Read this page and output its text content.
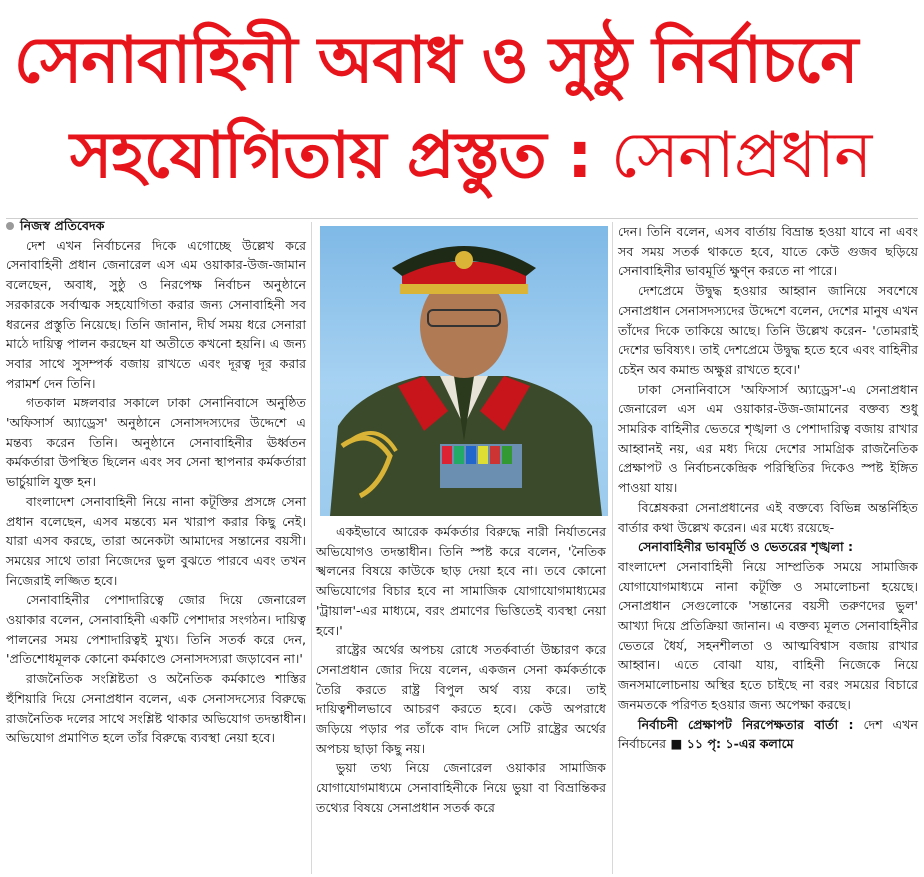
সেনাবাহিনী অবাধ ও সুষ্ঠু নির্বাচনে
সহযোগিতায় প্রস্তুত : সেনাপ্রধান

নিজস্ব প্রতিবেদক

দেশ এখন নির্বাচনের দিকে এগোচ্ছে উল্লেখ করে সেনাবাহিনী প্রধান জেনারেল এস এম ওয়াকার-উজ-জামান বলেছেন, অবাধ, সুষ্ঠু ও নিরপেক্ষ নির্বাচন অনুষ্ঠানে সরকারকে সর্বাত্মক সহযোগিতা করার জন্য সেনাবাহিনী সব ধরনের প্রস্তুতি নিয়েছে। তিনি জানান, দীর্ঘ সময় ধরে সেনারা মাঠে দায়িত্ব পালন করছেন যা অতীতে কখনো হয়নি। এ জন্য সবার সাথে সুসম্পর্ক বজায় রাখতে এবং দূরত্ব দূর করার পরামর্শ দেন তিনি।

গতকাল মঙ্গলবার সকালে ঢাকা সেনানিবাসে অনুষ্ঠিত 'অফিসার্স অ্যাড্রেস' অনুষ্ঠানে সেনাসদস্যদের উদ্দেশে এ মন্তব্য করেন তিনি। অনুষ্ঠানে সেনাবাহিনীর ঊর্ধ্বতন কর্মকর্তারা উপস্থিত ছিলেন এবং সব সেনা স্থাপনার কর্মকর্তারা ভার্চুয়ালি যুক্ত হন।

বাংলাদেশ সেনাবাহিনী নিয়ে নানা কটূক্তির প্রসঙ্গে সেনা প্রধান বলেছেন, এসব মন্তব্যে মন খারাপ করার কিছু নেই। যারা এসব করছে, তারা অনেকটা আমাদের সন্তানের বয়সী। সময়ের সাথে তারা নিজেদের ভুল বুঝতে পারবে এবং তখন নিজেরাই লজ্জিত হবে।

সেনাবাহিনীর পেশাদারিত্বে জোর দিয়ে জেনারেল ওয়াকার বলেন, সেনাবাহিনী একটি পেশাদার সংগঠন। দায়িত্ব পালনের সময় পেশাদারিত্বই মুখ্য। তিনি সতর্ক করে দেন, 'প্রতিশোধমূলক কোনো কর্মকাণ্ডে সেনাসদস্যরা জড়াবেন না।'

রাজনৈতিক সংশ্লিষ্টতা ও অনৈতিক কর্মকাণ্ডে শাস্তির হুঁশিয়ারি দিয়ে সেনাপ্রধান বলেন, এক সেনাসদস্যের বিরুদ্ধে রাজনৈতিক দলের সাথে সংশ্লিষ্ট থাকার অভিযোগ তদন্তাধীন। অভিযোগ প্রমাণিত হলে তাঁর বিরুদ্ধে ব্যবস্থা নেয়া হবে।

একইভাবে আরেক কর্মকর্তার বিরুদ্ধে নারী নির্যাতনের অভিযোগও তদন্তাধীন। তিনি স্পষ্ট করে বলেন, 'নৈতিক স্খলনের বিষয়ে কাউকে ছাড় দেয়া হবে না। তবে কোনো অভিযোগের বিচার হবে না সামাজিক যোগাযোগমাধ্যমের 'ট্রায়াল'-এর মাধ্যমে, বরং প্রমাণের ভিত্তিতেই ব্যবস্থা নেয়া হবে।'

রাষ্ট্রের অর্থের অপচয় রোধে সতর্কবার্তা উচ্চারণ করে সেনাপ্রধান জোর দিয়ে বলেন, একজন সেনা কর্মকর্তাকে তৈরি করতে রাষ্ট্র বিপুল অর্থ ব্যয় করে। তাই দায়িত্বশীলভাবে আচরণ করতে হবে। কেউ অপরাধে জড়িয়ে পড়ার পর তাঁকে বাদ দিলে সেটি রাষ্ট্রের অর্থের অপচয় ছাড়া কিছু নয়।

ভুয়া তথ্য নিয়ে জেনারেল ওয়াকার সামাজিক যোগাযোগমাধ্যমে সেনাবাহিনীকে নিয়ে ভুয়া বা বিভ্রান্তিকর তথ্যের বিষয়ে সেনাপ্রধান সতর্ক করে

দেন। তিনি বলেন, এসব বার্তায় বিভ্রান্ত হওয়া যাবে না এবং সব সময় সতর্ক থাকতে হবে, যাতে কেউ গুজব ছড়িয়ে সেনাবাহিনীর ভাবমূর্তি ক্ষুণ্ন করতে না পারে।

দেশপ্রেমে উদ্বুদ্ধ হওয়ার আহ্বান জানিয়ে সবশেষে সেনাপ্রধান সেনাসদস্যদের উদ্দেশে বলেন, দেশের মানুষ এখন তাঁদের দিকে তাকিয়ে আছে। তিনি উল্লেখ করেন- 'তোমরাই দেশের ভবিষ্যৎ। তাই দেশপ্রেমে উদ্বুদ্ধ হতে হবে এবং বাহিনীর চেইন অব কমান্ড অক্ষুণ্ণ রাখতে হবে।'

ঢাকা সেনানিবাসে 'অফিসার্স অ্যাড্রেস'-এ সেনাপ্রধান জেনারেল এস এম ওয়াকার-উজ-জামানের বক্তব্য শুধু সামরিক বাহিনীর ভেতরে শৃঙ্খলা ও পেশাদারিত্ব বজায় রাখার আহ্বানই নয়, এর মধ্য দিয়ে দেশের সামগ্রিক রাজনৈতিক প্রেক্ষাপট ও নির্বাচনকেন্দ্রিক পরিস্থিতির দিকেও স্পষ্ট ইঙ্গিত পাওয়া যায়।

বিশ্লেষকরা সেনাপ্রধানের এই বক্তব্যে বিভিন্ন অন্তর্নিহিত বার্তার কথা উল্লেখ করেন। এর মধ্যে রয়েছে-

সেনাবাহিনীর ভাবমূর্তি ও ভেতরের শৃঙ্খলা :

বাংলাদেশ সেনাবাহিনী নিয়ে সাম্প্রতিক সময়ে সামাজিক যোগাযোগমাধ্যমে নানা কটূক্তি ও সমালোচনা হয়েছে। সেনাপ্রধান সেগুলোকে 'সন্তানের বয়সী তরুণদের ভুল' আখ্যা দিয়ে প্রতিক্রিয়া জানান। এ বক্তব্য মূলত সেনাবাহিনীর ভেতরে ধৈর্য, সহনশীলতা ও আত্মবিশ্বাস বজায় রাখার আহ্বান। এতে বোঝা যায়, বাহিনী নিজেকে নিয়ে জনসমালোচনায় অস্থির হতে চাইছে না বরং সময়ের বিচারে জনমতকে পরিণত হওয়ার জন্য অপেক্ষা করছে।

নির্বাচনী প্রেক্ষাপট নিরপেক্ষতার বার্তা : দেশ এখন নির্বাচনের ■ ১১ পৃ: ১-এর কলামে
